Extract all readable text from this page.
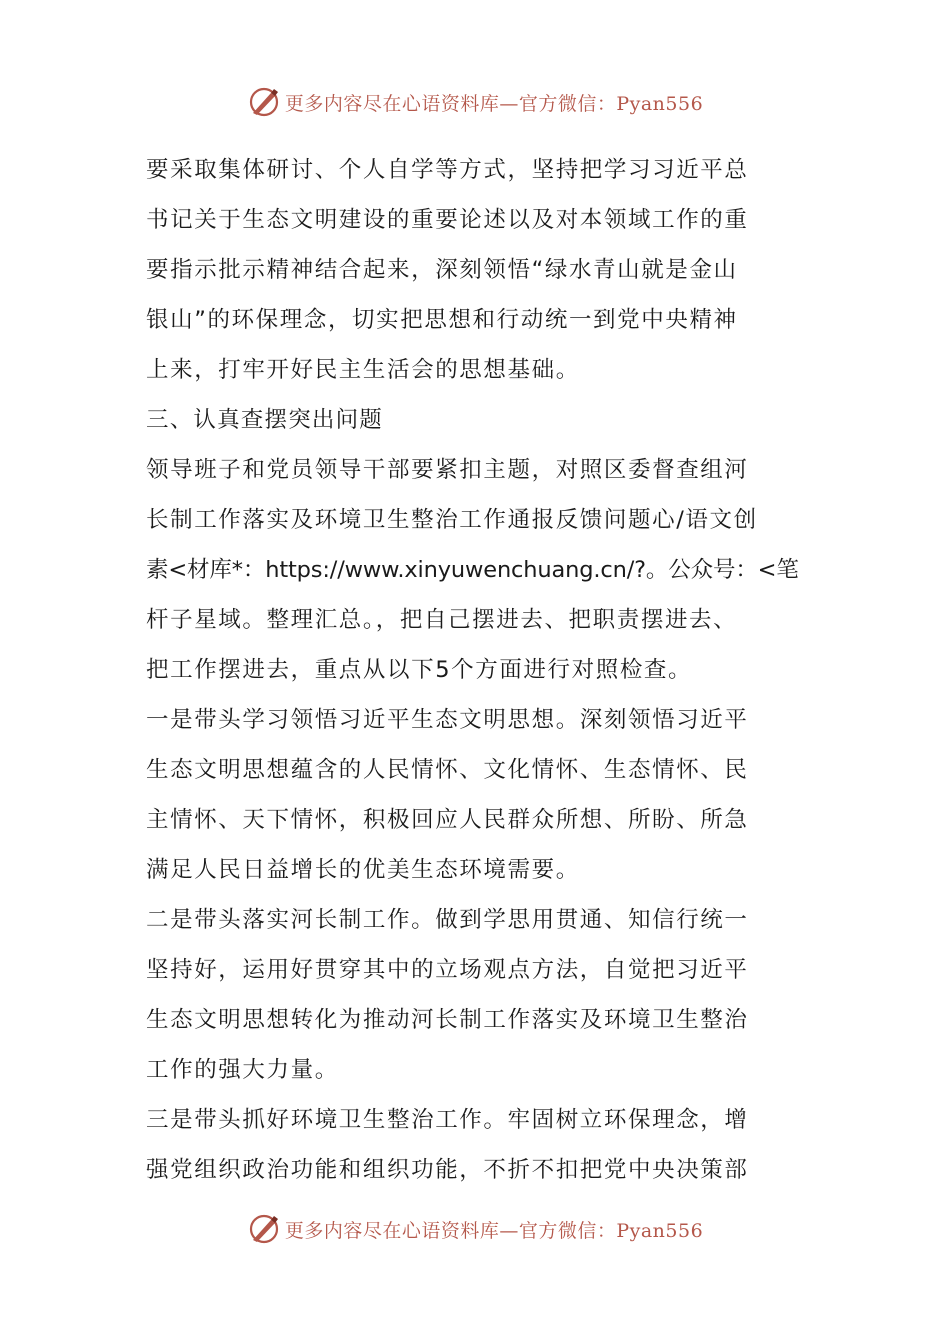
更多内容尽在心语资料库—官方微信：Pyan556
要采取集体研讨、个人自学等方式，坚持把学习习近平总
书记关于生态文明建设的重要论述以及对本领域工作的重
要指示批示精神结合起来，深刻领悟“绿水青山就是金山
银山”的环保理念，切实把思想和行动统一到党中央精神
上来，打牢开好民主生活会的思想基础。
三、认真查摆突出问题
领导班子和党员领导干部要紧扣主题，对照区委督查组河
长制工作落实及环境卫生整治工作通报反馈问题心/语文创
素<材库*：https://www.xinyuwenchuang.cn/?。公众号：<笔
杆子星域。整理汇总。，把自己摆进去、把职责摆进去、
把工作摆进去，重点从以下5个方面进行对照检查。
一是带头学习领悟习近平生态文明思想。深刻领悟习近平
生态文明思想蕴含的人民情怀、文化情怀、生态情怀、民
主情怀、天下情怀，积极回应人民群众所想、所盼、所急
满足人民日益增长的优美生态环境需要。
二是带头落实河长制工作。做到学思用贯通、知信行统一
坚持好，运用好贯穿其中的立场观点方法，自觉把习近平
生态文明思想转化为推动河长制工作落实及环境卫生整治
工作的强大力量。
三是带头抓好环境卫生整治工作。牢固树立环保理念，增
强党组织政治功能和组织功能，不折不扣把党中央决策部
更多内容尽在心语资料库—官方微信：Pyan556
